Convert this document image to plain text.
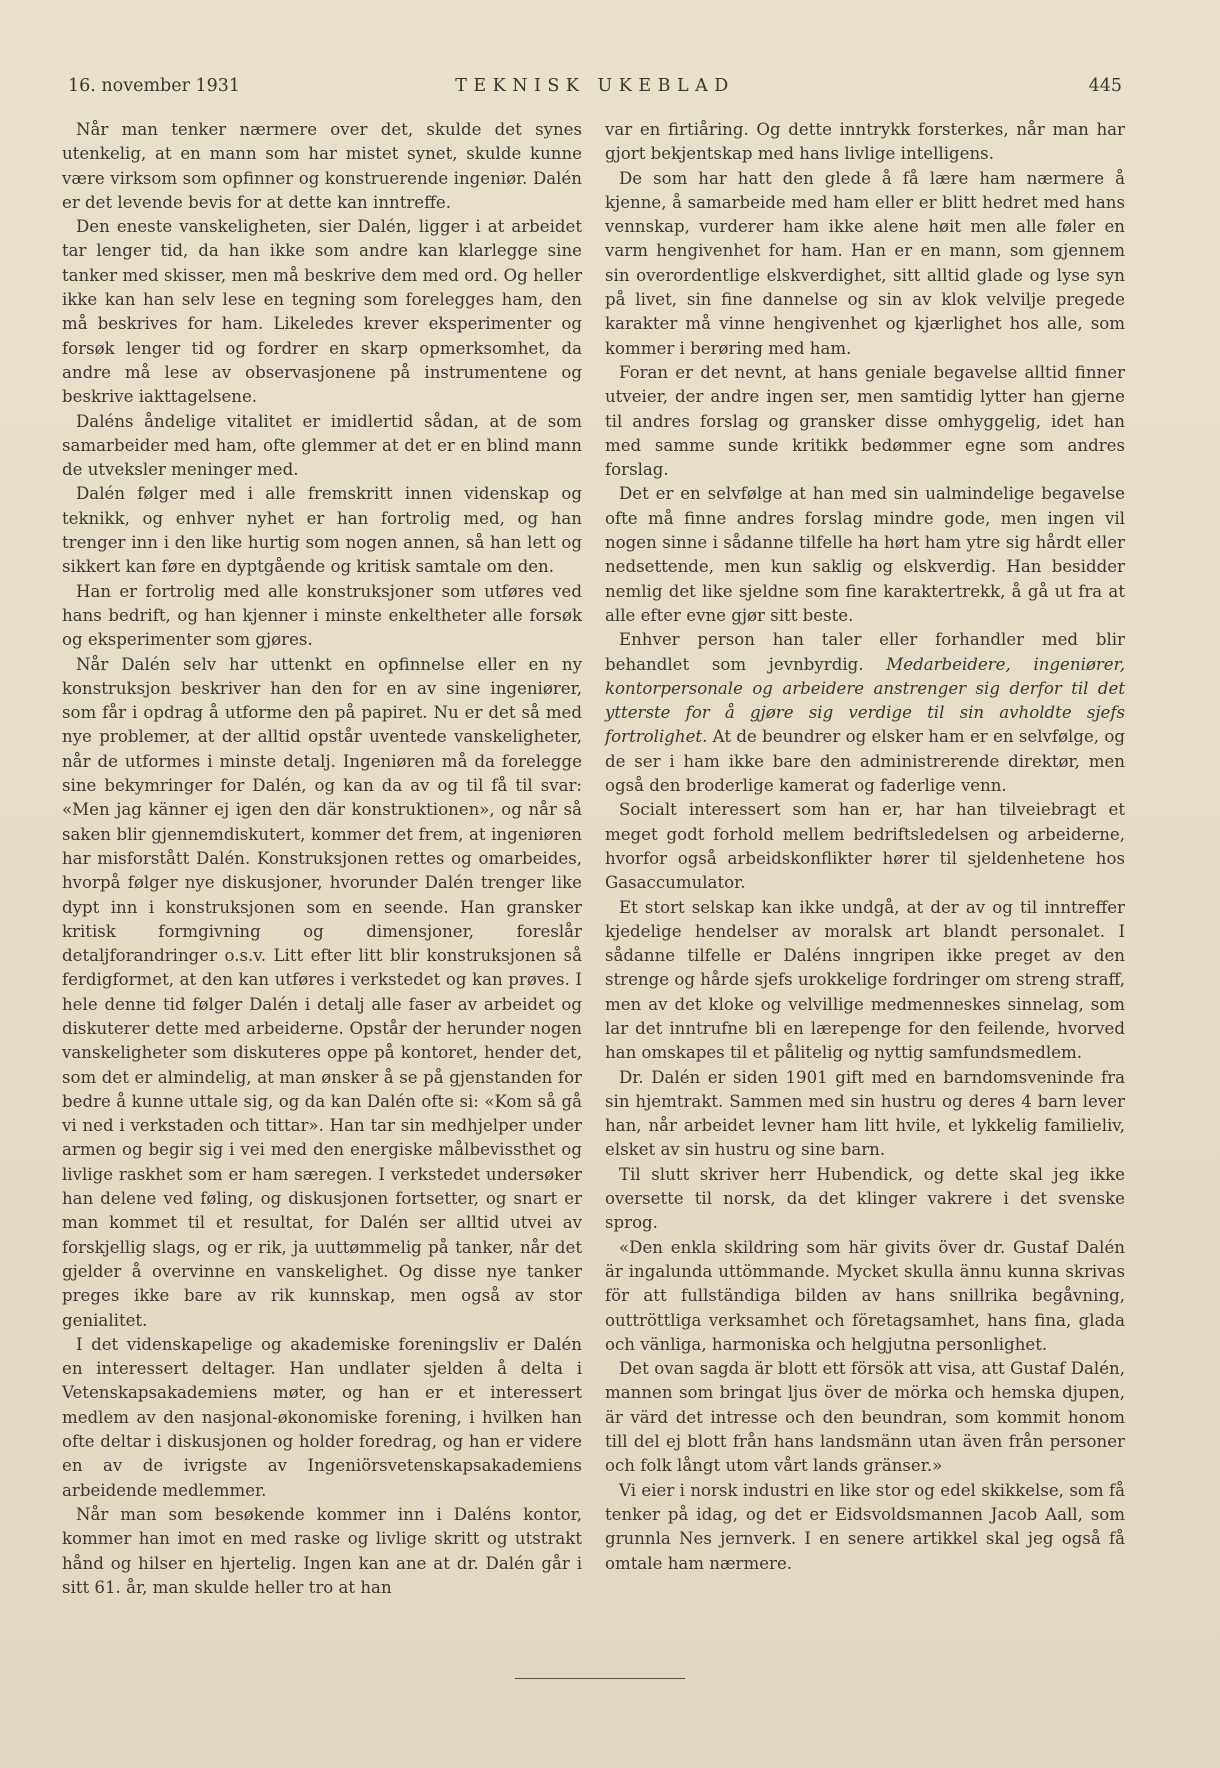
16. november 1931	TEKNISK UKEBLAD	445

Når man tenker nærmere over det, skulde det synes utenkelig, at en mann som har mistet synet, skulde kunne være virksom som opfinner og konstruerende ingeniør. Dalén er det levende bevis for at dette kan inntreffe.

Den eneste vanskeligheten, sier Dalén, ligger i at arbeidet tar lenger tid, da han ikke som andre kan klarlegge sine tanker med skisser, men må beskrive dem med ord. Og heller ikke kan han selv lese en tegning som forelegges ham, den må beskrives for ham. Likeledes krever eksperimenter og forsøk lenger tid og fordrer en skarp opmerksomhet, da andre må lese av observasjonene på instrumentene og beskrive iakttagelsene.

Daléns åndelige vitalitet er imidlertid sådan, at de som samarbeider med ham, ofte glemmer at det er en blind mann de utveksler meninger med.

Dalén følger med i alle fremskritt innen videnskap og teknikk, og enhver nyhet er han fortrolig med, og han trenger inn i den like hurtig som nogen annen, så han lett og sikkert kan føre en dyptgående og kritisk samtale om den.

Han er fortrolig med alle konstruksjoner som utføres ved hans bedrift, og han kjenner i minste enkeltheter alle forsøk og eksperimenter som gjøres.

Når Dalén selv har uttenkt en opfinnelse eller en ny konstruksjon beskriver han den for en av sine ingeniører, som får i opdrag å utforme den på papiret. Nu er det så med nye problemer, at der alltid opstår uventede vanskeligheter, når de utformes i minste detalj. Ingeniøren må da forelegge sine bekymringer for Dalén, og kan da av og til få til svar: «Men jag känner ej igen den där konstruktionen», og når så saken blir gjennemdiskutert, kommer det frem, at ingeniøren har misforstått Dalén. Konstruksjonen rettes og omarbeides, hvorpå følger nye diskusjoner, hvorunder Dalén trenger like dypt inn i konstruksjonen som en seende. Han gransker kritisk formgivning og dimensjoner, foreslår detaljforandringer o.s.v. Litt efter litt blir konstruksjonen så ferdigformet, at den kan utføres i verkstedet og kan prøves. I hele denne tid følger Dalén i detalj alle faser av arbeidet og diskuterer dette med arbeiderne. Opstår der herunder nogen vanskeligheter som diskuteres oppe på kontoret, hender det, som det er almindelig, at man ønsker å se på gjenstanden for bedre å kunne uttale sig, og da kan Dalén ofte si: «Kom så gå vi ned i verkstaden och tittar». Han tar sin medhjelper under armen og begir sig i vei med den energiske målbevissthet og livlige raskhet som er ham særegen. I verkstedet undersøker han delene ved føling, og diskusjonen fortsetter, og snart er man kommet til et resultat, for Dalén ser alltid utvei av forskjellig slags, og er rik, ja uuttømmelig på tanker, når det gjelder å overvinne en vanskelighet. Og disse nye tanker preges ikke bare av rik kunnskap, men også av stor genialitet.

I det videnskapelige og akademiske foreningsliv er Dalén en interessert deltager. Han undlater sjelden å delta i Vetenskapsakademiens møter, og han er et interessert medlem av den nasjonal-økonomiske forening, i hvilken han ofte deltar i diskusjonen og holder foredrag, og han er videre en av de ivrigste av Ingeniörsvetenskapsakademiens arbeidende medlemmer.

Når man som besøkende kommer inn i Daléns kontor, kommer han imot en med raske og livlige skritt og utstrakt hånd og hilser en hjertelig. Ingen kan ane at dr. Dalén går i sitt 61. år, man skulde heller tro at han

var en firtiåring. Og dette inntrykk forsterkes, når man har gjort bekjentskap med hans livlige intelligens.

De som har hatt den glede å få lære ham nærmere å kjenne, å samarbeide med ham eller er blitt hedret med hans vennskap, vurderer ham ikke alene høit men alle føler en varm hengivenhet for ham. Han er en mann, som gjennem sin overordentlige elskverdighet, sitt alltid glade og lyse syn på livet, sin fine dannelse og sin av klok velvilje pregede karakter må vinne hengivenhet og kjærlighet hos alle, som kommer i berøring med ham.

Foran er det nevnt, at hans geniale begavelse alltid finner utveier, der andre ingen ser, men samtidig lytter han gjerne til andres forslag og gransker disse omhyggelig, idet han med samme sunde kritikk bedømmer egne som andres forslag.

Det er en selvfølge at han med sin ualmindelige begavelse ofte må finne andres forslag mindre gode, men ingen vil nogen sinne i sådanne tilfelle ha hørt ham ytre sig hårdt eller nedsettende, men kun saklig og elskverdig. Han besidder nemlig det like sjeldne som fine karaktertrekk, å gå ut fra at alle efter evne gjør sitt beste.

Enhver person han taler eller forhandler med blir behandlet som jevnbyrdig. Medarbeidere, ingeniører, kontorpersonale og arbeidere anstrenger sig derfor til det ytterste for å gjøre sig verdige til sin avholdte sjefs fortrolighet. At de beundrer og elsker ham er en selvfølge, og de ser i ham ikke bare den administrerende direktør, men også den broderlige kamerat og faderlige venn.

Socialt interessert som han er, har han tilveiebragt et meget godt forhold mellem bedriftsledelsen og arbeiderne, hvorfor også arbeidskonflikter hører til sjeldenhetene hos Gasaccumulator.

Et stort selskap kan ikke undgå, at der av og til inntreffer kjedelige hendelser av moralsk art blandt personalet. I sådanne tilfelle er Daléns inngripen ikke preget av den strenge og hårde sjefs urokkelige fordringer om streng straff, men av det kloke og velvillige medmenneskes sinnelag, som lar det inntrufne bli en lærepenge for den feilende, hvorved han omskapes til et pålitelig og nyttig samfundsmedlem.

Dr. Dalén er siden 1901 gift med en barndomsveninde fra sin hjemtrakt. Sammen med sin hustru og deres 4 barn lever han, når arbeidet levner ham litt hvile, et lykkelig familieliv, elsket av sin hustru og sine barn.

Til slutt skriver herr Hubendick, og dette skal jeg ikke oversette til norsk, da det klinger vakrere i det svenske sprog.

«Den enkla skildring som här givits över dr. Gustaf Dalén är ingalunda uttömmande. Mycket skulla ännu kunna skrivas för att fullständiga bilden av hans snillrika begåvning, outtröttliga verksamhet och företagsamhet, hans fina, glada och vänliga, harmoniska och helgjutna personlighet.

Det ovan sagda är blott ett försök att visa, att Gustaf Dalén, mannen som bringat ljus över de mörka och hemska djupen, är värd det intresse och den beundran, som kommit honom till del ej blott från hans landsmänn utan även från personer och folk långt utom vårt lands gränser.»

Vi eier i norsk industri en like stor og edel skikkelse, som få tenker på idag, og det er Eidsvoldsmannen Jacob Aall, som grunnla Nes jernverk. I en senere artikkel skal jeg også få omtale ham nærmere.
